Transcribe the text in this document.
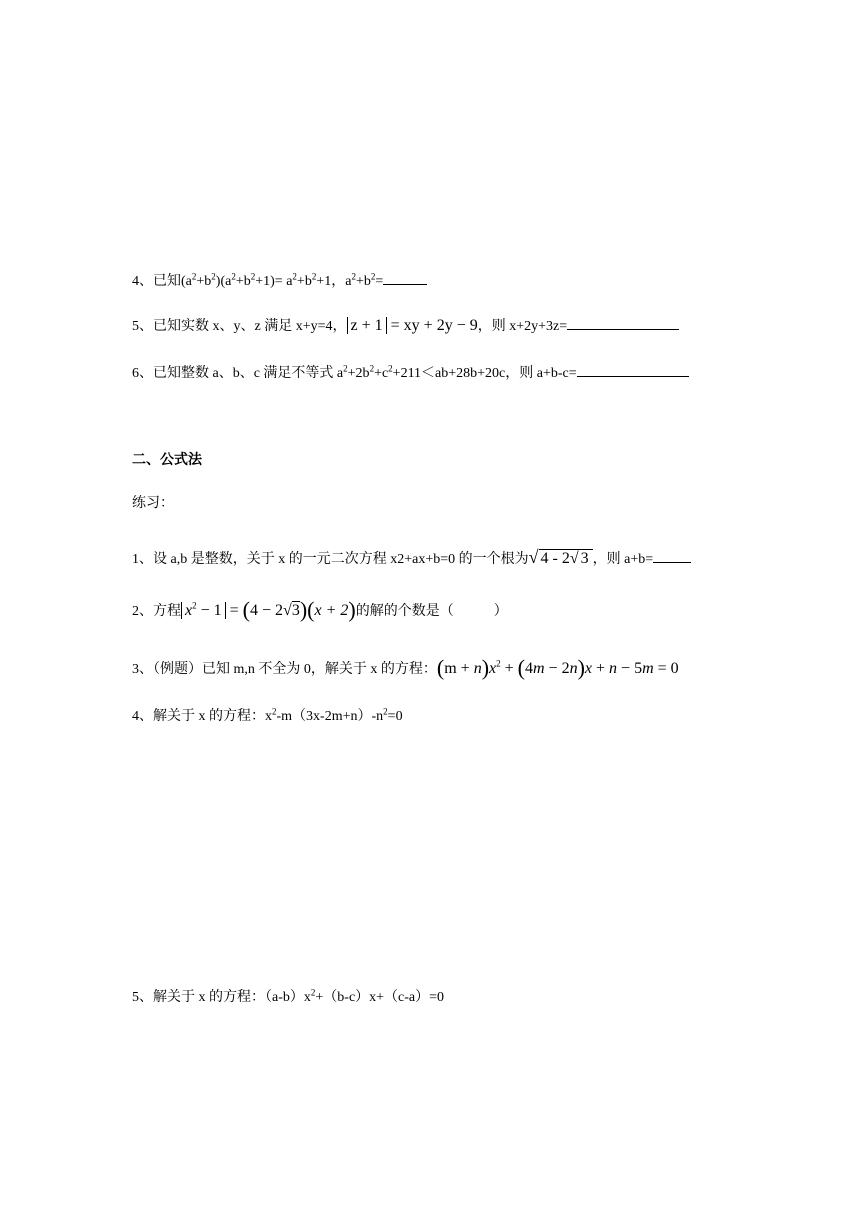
4、已知$(a^2+b^2)(a^2+b^2+1)= a^2+b^2+1$，$a^2+b^2=$
5、已知实数 x、y、z 满足 x+y=4， z + 1 = xy + 2y − 9，则 x+2y+3z=
6、已知整数 a、b、c 满足不等式 $a^2+2b^2+c^2+211<ab+28b+20c$，则 a+b-c=
二、公式法
练习：
1、设 a,b 是整数，关于 x 的一元二次方程 x2+ax+b=0 的一个根为√ 4 - 2√ 3 ，则 a+b=
2、方程 $x^2 - 1 = (4 - 2√3)(x + 2)$的解的个数是（	）
3、（例题）已知 m,n 不全为 0，解关于 x 的方程：$(m + n)x^2 + (4m - 2n)x + n - 5m = 0$
4、解关于 x 的方程：$x^2-m(3x-2m+n)-n^2=0$
5、解关于 x 的方程：$(a-b)x^2+(b-c)x+(c-a)=0$
